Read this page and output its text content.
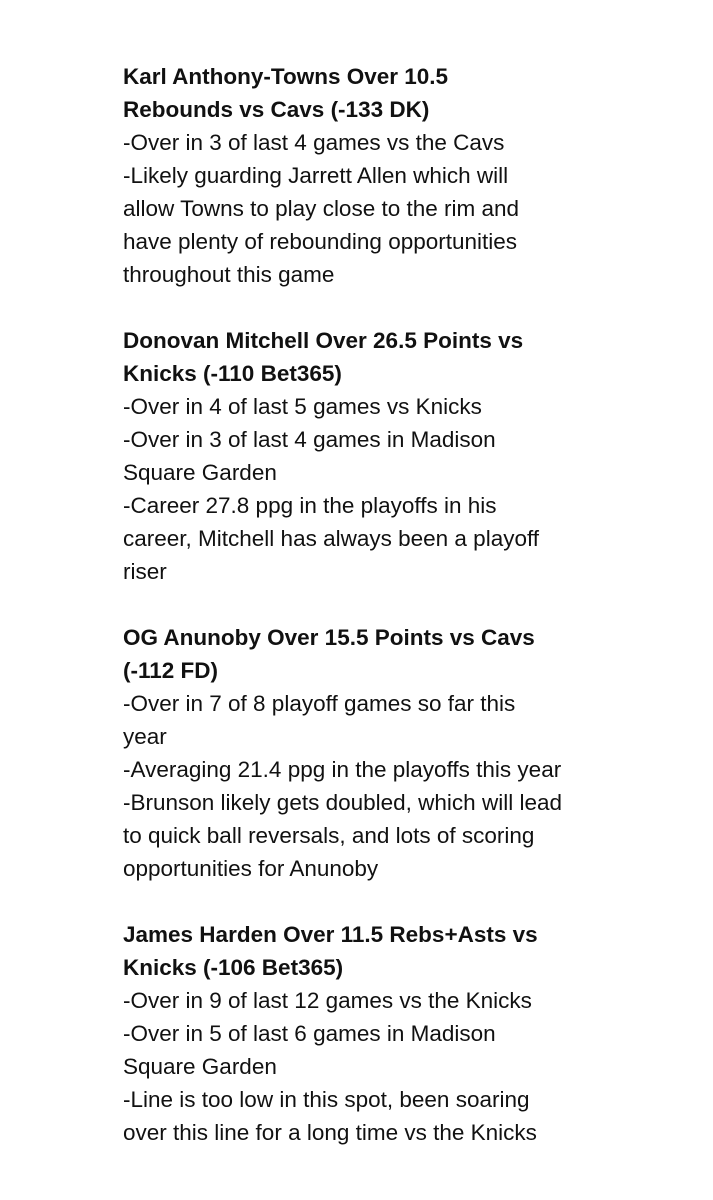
Karl Anthony-Towns Over 10.5
Rebounds vs Cavs (-133 DK)

-Over in 3 of last 4 games vs the Cavs

-Likely guarding Jarrett Allen which will
allow Towns to play close to the rim and
have plenty of rebounding opportunities
throughout this game

Donovan Mitchell Over 26.5 Points vs
Knicks (-110 Bet365)

-Over in 4 of last 5 games vs Knicks

-Over in 3 of last 4 games in Madison
Square Garden

-Career 27.8 ppg in the playoffs in his
career, Mitchell has always been a playoff
riser

OG Anunoby Over 15.5 Points vs Cavs
(-112 FD)

-Over in 7 of 8 playoff games so far this
year

-Averaging 21.4 ppg in the playoffs this year

-Brunson likely gets doubled, which will lead
to quick ball reversals, and lots of scoring
opportunities for Anunoby

James Harden Over 11.5 Rebs+Asts vs
Knicks (-106 Bet365)

-Over in 9 of last 12 games vs the Knicks

-Over in 5 of last 6 games in Madison
Square Garden

-Line is too low in this spot, been soaring
over this line for a long time vs the Knicks
